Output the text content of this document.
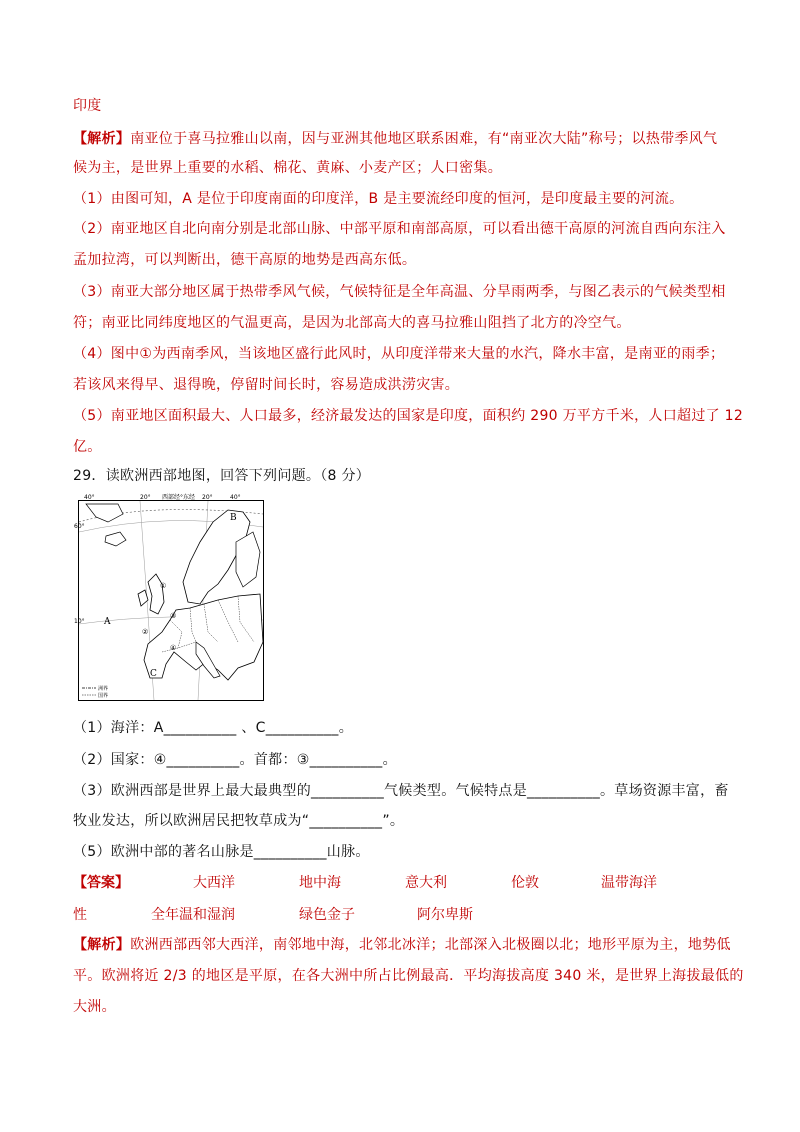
印度
【解析】南亚位于喜马拉雅山以南，因与亚洲其他地区联系困难，有“南亚次大陆”称号；以热带季风气
候为主，是世界上重要的水稻、棉花、黄麻、小麦产区；人口密集。
（1）由图可知，A 是位于印度南面的印度洋，B 是主要流经印度的恒河，是印度最主要的河流。
（2）南亚地区自北向南分别是北部山脉、中部平原和南部高原，可以看出德干高原的河流自西向东注入
孟加拉湾，可以判断出，德干高原的地势是西高东低。
（3）南亚大部分地区属于热带季风气候，气候特征是全年高温、分旱雨两季，与图乙表示的气候类型相
符；南亚比同纬度地区的气温更高，是因为北部高大的喜马拉雅山阻挡了北方的冷空气。
（4）图中①为西南季风，当该地区盛行此风时，从印度洋带来大量的水汽，降水丰富，是南亚的雨季；
若该风来得早、退得晚，停留时间长时，容易造成洪涝灾害。
（5）南亚地区面积最大、人口最多，经济最发达的国家是印度，面积约 290 万平方千米，人口超过了 12
亿。
29．读欧洲西部地图，回答下列问题。（8 分）
40°	20° 西部经°东经 20°	40°
60°
10° A
B
C
①
②
③
④
洲界
国界
（1）海洋：A__________ 、C__________。
（2）国家：④__________。首都：③__________。
（3）欧洲西部是世界上最大最典型的__________气候类型。气候特点是__________。草场资源丰富，畜
牧业发达，所以欧洲居民把牧草成为“__________”。
（5）欧洲中部的著名山脉是__________山脉。
【答案】	大西洋	地中海	意大利	伦敦	温带海洋
性	全年温和湿润	绿色金子	阿尔卑斯
【解析】欧洲西部西邻大西洋，南邻地中海，北邻北冰洋；北部深入北极圈以北；地形平原为主，地势低
平。欧洲将近 2/3 的地区是平原，在各大洲中所占比例最高．平均海拔高度 340 米，是世界上海拔最低的
大洲。
